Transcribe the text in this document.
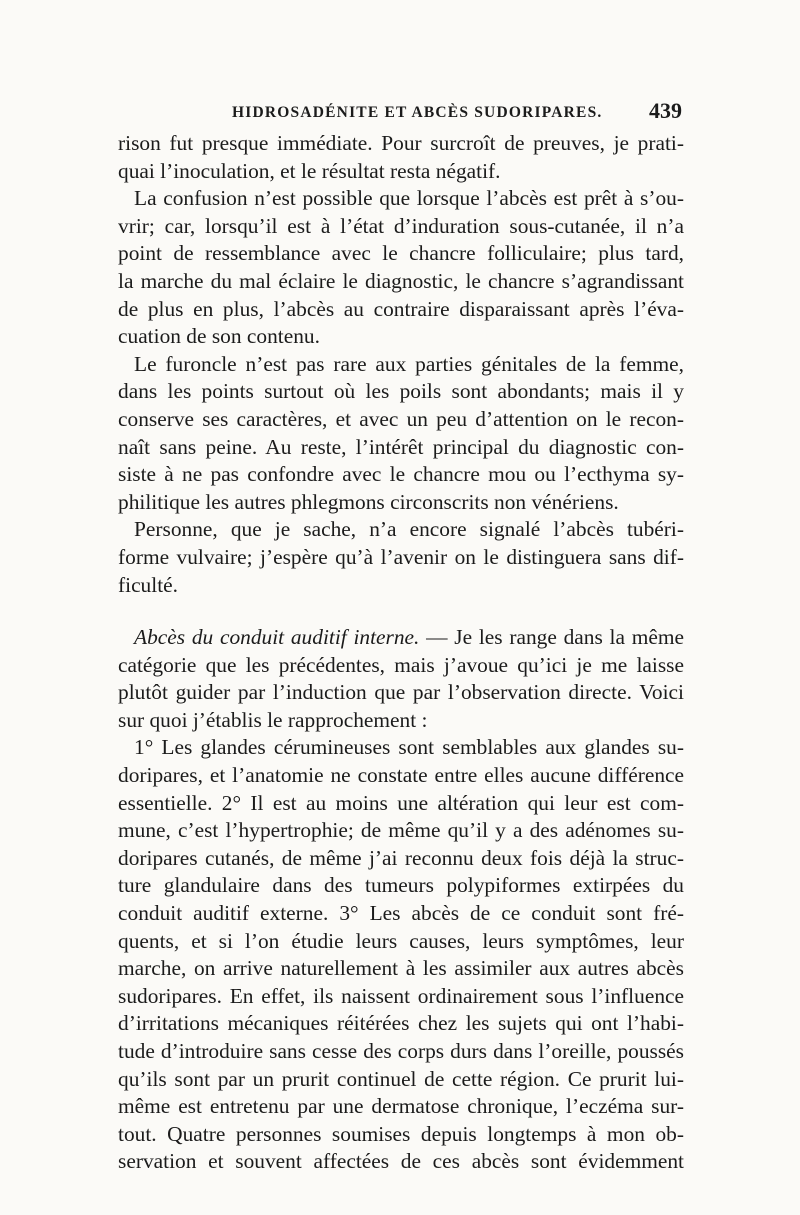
HIDROSADÉNITE ET ABCÈS SUDORIPARES. 439
rison fut presque immédiate. Pour surcroît de preuves, je prati-
quai l’inoculation, et le résultat resta négatif.
La confusion n’est possible que lorsque l’abcès est prêt à s’ou-
vrir; car, lorsqu’il est à l’état d’induration sous-cutanée, il n’a
point de ressemblance avec le chancre folliculaire; plus tard,
la marche du mal éclaire le diagnostic, le chancre s’agrandissant
de plus en plus, l’abcès au contraire disparaissant après l’éva-
cuation de son contenu.
Le furoncle n’est pas rare aux parties génitales de la femme,
dans les points surtout où les poils sont abondants; mais il y
conserve ses caractères, et avec un peu d’attention on le recon-
naît sans peine. Au reste, l’intérêt principal du diagnostic con-
siste à ne pas confondre avec le chancre mou ou l’ecthyma sy-
philitique les autres phlegmons circonscrits non vénériens.
Personne, que je sache, n’a encore signalé l’abcès tubéri-
forme vulvaire; j’espère qu’à l’avenir on le distinguera sans dif-
ficulté.
Abcès du conduit auditif interne. — Je les range dans la même
catégorie que les précédentes, mais j’avoue qu’ici je me laisse
plutôt guider par l’induction que par l’observation directe. Voici
sur quoi j’établis le rapprochement :
1° Les glandes cérumineuses sont semblables aux glandes su-
doripares, et l’anatomie ne constate entre elles aucune différence
essentielle. 2° Il est au moins une altération qui leur est com-
mune, c’est l’hypertrophie; de même qu’il y a des adénomes su-
doripares cutanés, de même j’ai reconnu deux fois déjà la struc-
ture glandulaire dans des tumeurs polypiformes extirpées du
conduit auditif externe. 3° Les abcès de ce conduit sont fré-
quents, et si l’on étudie leurs causes, leurs symptômes, leur
marche, on arrive naturellement à les assimiler aux autres abcès
sudoripares. En effet, ils naissent ordinairement sous l’influence
d’irritations mécaniques réitérées chez les sujets qui ont l’habi-
tude d’introduire sans cesse des corps durs dans l’oreille, poussés
qu’ils sont par un prurit continuel de cette région. Ce prurit lui-
même est entretenu par une dermatose chronique, l’eczéma sur-
tout. Quatre personnes soumises depuis longtemps à mon ob-
servation et souvent affectées de ces abcès sont évidemment
